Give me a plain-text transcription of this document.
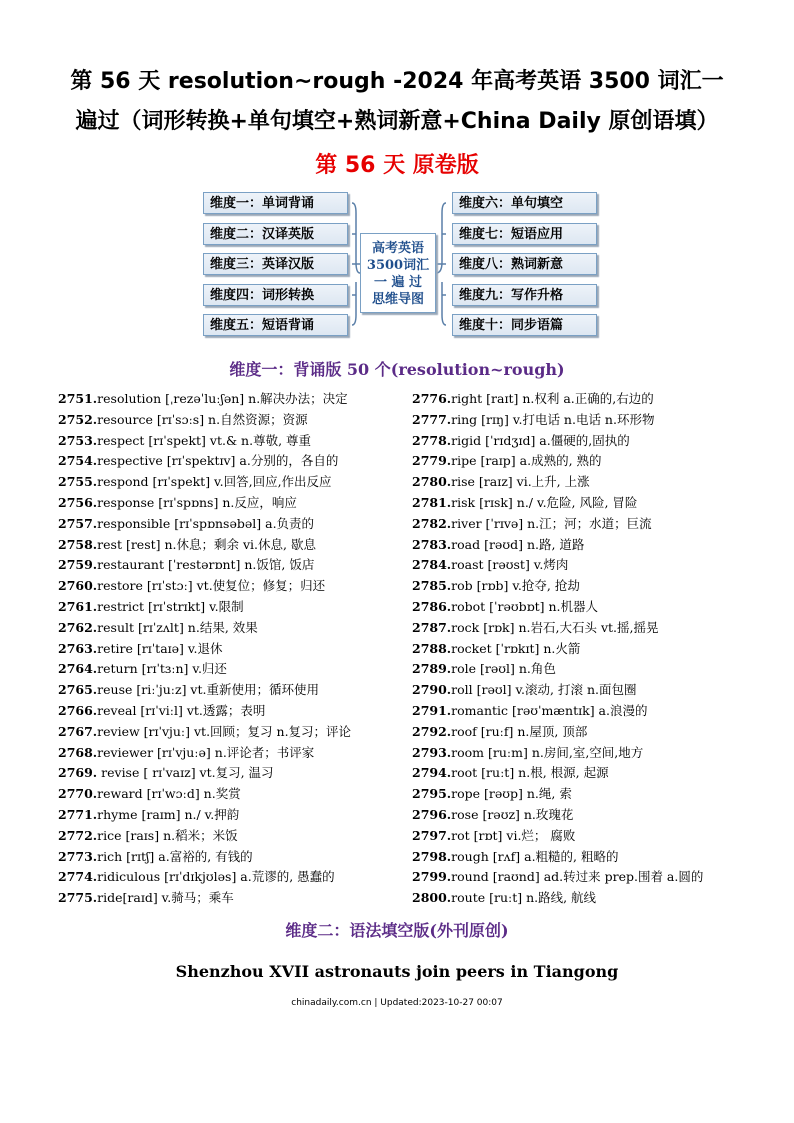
第 56 天 resolution~rough -2024 年高考英语 3500 词汇一
遍过（词形转换+单句填空+熟词新意+China Daily 原创语填）
第 56 天 原卷版
维度一：单词背诵
维度二：汉译英版
维度三：英译汉版
维度四：词形转换
维度五：短语背诵
高考英语
3500词汇
一 遍 过
思维导图
维度六：单句填空
维度七：短语应用
维度八：熟词新意
维度九：写作升格
维度十：同步语篇
维度一：背诵版 50 个(resolution~rough)
2751.resolution [ˌrezəˈluːʃən] n.解决办法；决定
2752.resource [rɪˈsɔːs] n.自然资源；资源
2753.respect [rɪˈspekt] vt.& n.尊敬, 尊重
2754.respective [rɪˈspektɪv] a.分别的，各自的
2755.respond [rɪˈspekt] v.回答,回应,作出反应
2756.response [rɪˈspɒns] n.反应，响应
2757.responsible [rɪˈspɒnsəbəl] a.负责的
2758.rest [rest] n.休息；剩余 vi.休息, 歇息
2759.restaurant [ˈrestərɒnt] n.饭馆, 饭店
2760.restore [rɪˈstɔː] vt.使复位；修复；归还
2761.restrict [rɪˈstrɪkt] v.限制
2762.result [rɪˈzʌlt] n.结果, 效果
2763.retire [rɪˈtaɪə] v.退休
2764.return [rɪˈtɜːn] v.归还
2765.reuse [riːˈjuːz] vt.重新使用；循环使用
2766.reveal [rɪˈviːl] vt.透露；表明
2767.review [rɪˈvjuː] vt.回顾；复习 n.复习；评论
2768.reviewer [rɪˈvjuːə] n.评论者；书评家
2769. revise [ rɪˈvaɪz] vt.复习, 温习
2770.reward [rɪˈwɔːd] n.奖赏
2771.rhyme [raɪm] n./ v.押韵
2772.rice [raɪs] n.稻米；米饭
2773.rich [rɪtʃ] a.富裕的, 有钱的
2774.ridiculous [rɪˈdɪkjʊləs] a.荒谬的, 愚蠢的
2775.ride[raɪd] v.骑马；乘车
2776.right [raɪt] n.权利 a.正确的,右边的
2777.ring [rɪŋ] v.打电话 n.电话 n.环形物
2778.rigid [ˈrɪdʒɪd] a.僵硬的,固执的
2779.ripe [raɪp] a.成熟的, 熟的
2780.rise [raɪz] vi.上升, 上涨
2781.risk [rɪsk] n./ v.危险, 风险, 冒险
2782.river [ˈrɪvə] n.江；河；水道；巨流
2783.road [rəʊd] n.路, 道路
2784.roast [rəʊst] v.烤肉
2785.rob [rɒb] v.抢夺, 抢劫
2786.robot [ˈrəʊbɒt] n.机器人
2787.rock [rɒk] n.岩石,大石头 vt.摇,摇晃
2788.rocket [ˈrɒkɪt] n.火箭
2789.role [rəʊl] n.角色
2790.roll [rəʊl] v.滚动, 打滚 n.面包圈
2791.romantic [rəʊˈmæntɪk] a.浪漫的
2792.roof [ruːf] n.屋顶, 顶部
2793.room [ruːm] n.房间,室,空间,地方
2794.root [ruːt] n.根, 根源, 起源
2795.rope [rəʊp] n.绳, 索
2796.rose [rəʊz] n.玫瑰花
2797.rot [rɒt] vi.烂； 腐败
2798.rough [rʌf] a.粗糙的, 粗略的
2799.round [raʊnd] ad.转过来 prep.围着 a.圆的
2800.route [ruːt] n.路线, 航线
维度二：语法填空版(外刊原创)
Shenzhou XVII astronauts join peers in Tiangong
chinadaily.com.cn | Updated:2023-10-27 00:07
